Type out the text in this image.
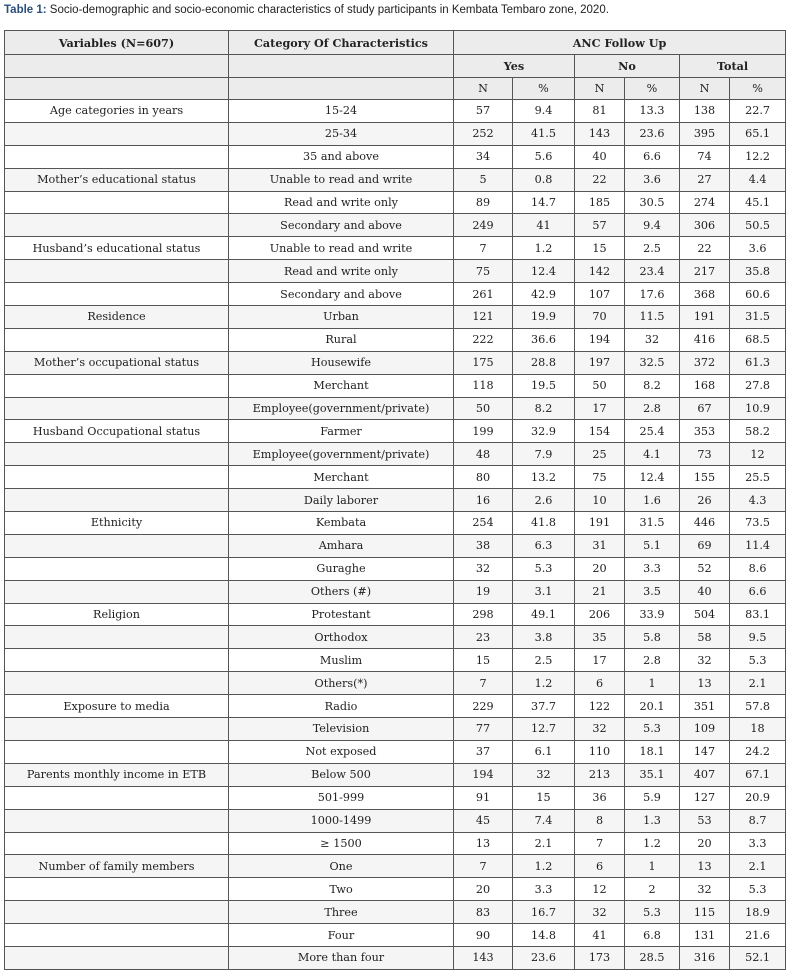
Table 1: Socio-demographic and socio-economic characteristics of study participants in Kembata Tembaro zone, 2020.
Variables (N=607)	Category Of Characteristics	ANC Follow Up					
		Yes		No		Total	
		N	%	N	%	N	%
Age categories in years	15-24	57	9.4	81	13.3	138	22.7
	25-34	252	41.5	143	23.6	395	65.1
	35 and above	34	5.6	40	6.6	74	12.2
Mother’s educational status	Unable to read and write	5	0.8	22	3.6	27	4.4
	Read and write only	89	14.7	185	30.5	274	45.1
	Secondary and above	249	41	57	9.4	306	50.5
Husband’s educational status	Unable to read and write	7	1.2	15	2.5	22	3.6
	Read and write only	75	12.4	142	23.4	217	35.8
	Secondary and above	261	42.9	107	17.6	368	60.6
Residence	Urban	121	19.9	70	11.5	191	31.5
	Rural	222	36.6	194	32	416	68.5
Mother’s occupational status	Housewife	175	28.8	197	32.5	372	61.3
	Merchant	118	19.5	50	8.2	168	27.8
	Employee(government/private)	50	8.2	17	2.8	67	10.9
Husband Occupational status	Farmer	199	32.9	154	25.4	353	58.2
	Employee(government/private)	48	7.9	25	4.1	73	12
	Merchant	80	13.2	75	12.4	155	25.5
	Daily laborer	16	2.6	10	1.6	26	4.3
Ethnicity	Kembata	254	41.8	191	31.5	446	73.5
	Amhara	38	6.3	31	5.1	69	11.4
	Guraghe	32	5.3	20	3.3	52	8.6
	Others (#)	19	3.1	21	3.5	40	6.6
Religion	Protestant	298	49.1	206	33.9	504	83.1
	Orthodox	23	3.8	35	5.8	58	9.5
	Muslim	15	2.5	17	2.8	32	5.3
	Others(*)	7	1.2	6	1	13	2.1
Exposure to media	Radio	229	37.7	122	20.1	351	57.8
	Television	77	12.7	32	5.3	109	18
	Not exposed	37	6.1	110	18.1	147	24.2
Parents monthly income in ETB	Below 500	194	32	213	35.1	407	67.1
	501-999	91	15	36	5.9	127	20.9
	1000-1499	45	7.4	8	1.3	53	8.7
	≥ 1500	13	2.1	7	1.2	20	3.3
Number of family members	One	7	1.2	6	1	13	2.1
	Two	20	3.3	12	2	32	5.3
	Three	83	16.7	32	5.3	115	18.9
	Four	90	14.8	41	6.8	131	21.6
	More than four	143	23.6	173	28.5	316	52.1
